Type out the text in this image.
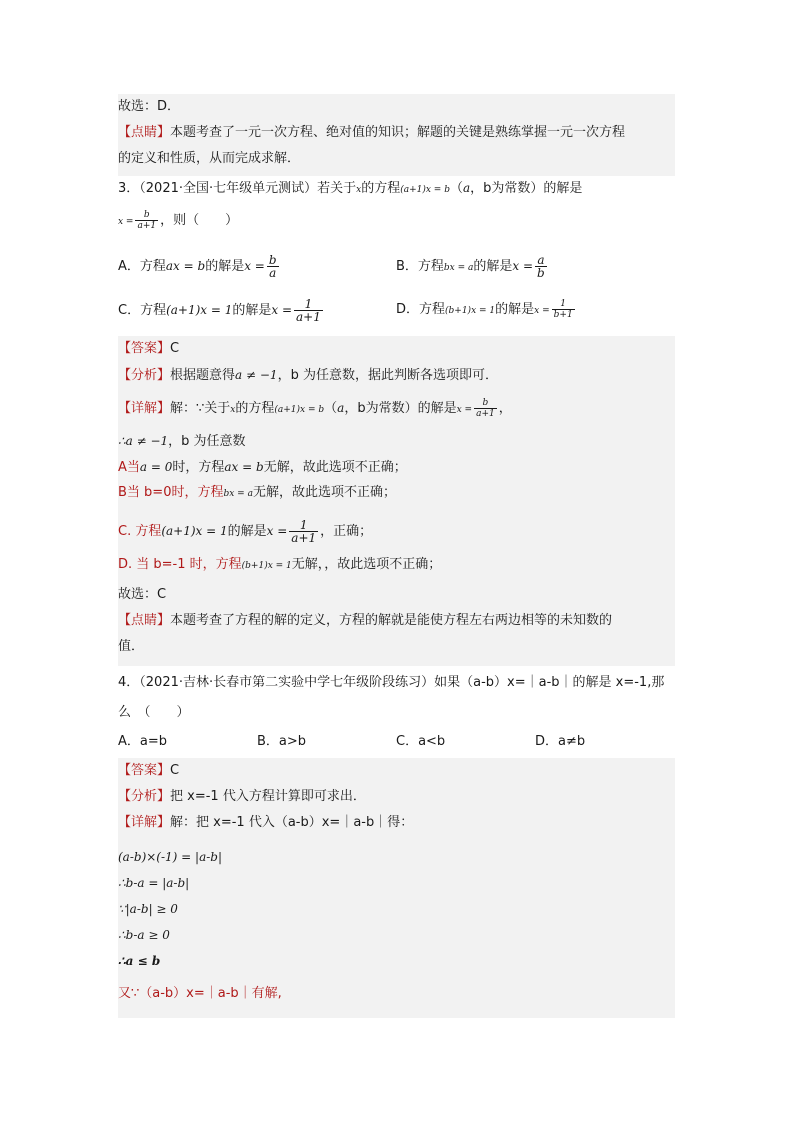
故选：D．
【点睛】本题考查了一元一次方程、绝对值的知识；解题的关键是熟练掌握一元一次方程
的定义和性质，从而完成求解．
3．（2021·全国·七年级单元测试）若关于x的方程(a+1)x = b（a，b为常数）的解是
$x = \frac{b}{a+1}$ ，则（　　）
A．方程ax = b的解是$x = \frac{b}{a}$	B．方程bx = a的解是$x = \frac{a}{b}$
C．方程(a+1)x = 1的解是$x = \frac{1}{a+1}$	D．方程(b+1)x = 1的解是$x = \frac{1}{b+1}$
【答案】C
【分析】根据题意得a ≠ −1，b 为任意数，据此判断各选项即可．
【详解】解：∵关于x的方程(a+1)x = b（a，b为常数）的解是$x = \frac{b}{a+1}$ ，
∴a ≠ −1，b 为任意数
A当a = 0时，方程ax = b无解，故此选项不正确；
B当 b=0时，方程bx = a无解，故此选项不正确；
C. 方程(a+1)x = 1的解是$x = \frac{1}{a+1}$ ，正确；
D. 当 b=-1 时，方程(b+1)x = 1无解，，故此选项不正确；
故选：C
【点睛】本题考查了方程的解的定义，方程的解就是能使方程左右两边相等的未知数的
值．
4．（2021·吉林·长春市第二实验中学七年级阶段练习）如果（a-b）x=｜a-b｜的解是 x=-1,那
么　（　　）
A．a=b	B．a>b	C．a<b	D．a≠b
【答案】C
【分析】把 x=-1 代入方程计算即可求出．
【详解】解：把 x=-1 代入（a-b）x=｜a-b｜得：
(a-b)×(-1) = |a-b|
∴b-a = |a-b|
∵|a-b| ≥ 0
∴b-a ≥ 0
∴a ≤ b
又∵（a-b）x=｜a-b｜有解,
